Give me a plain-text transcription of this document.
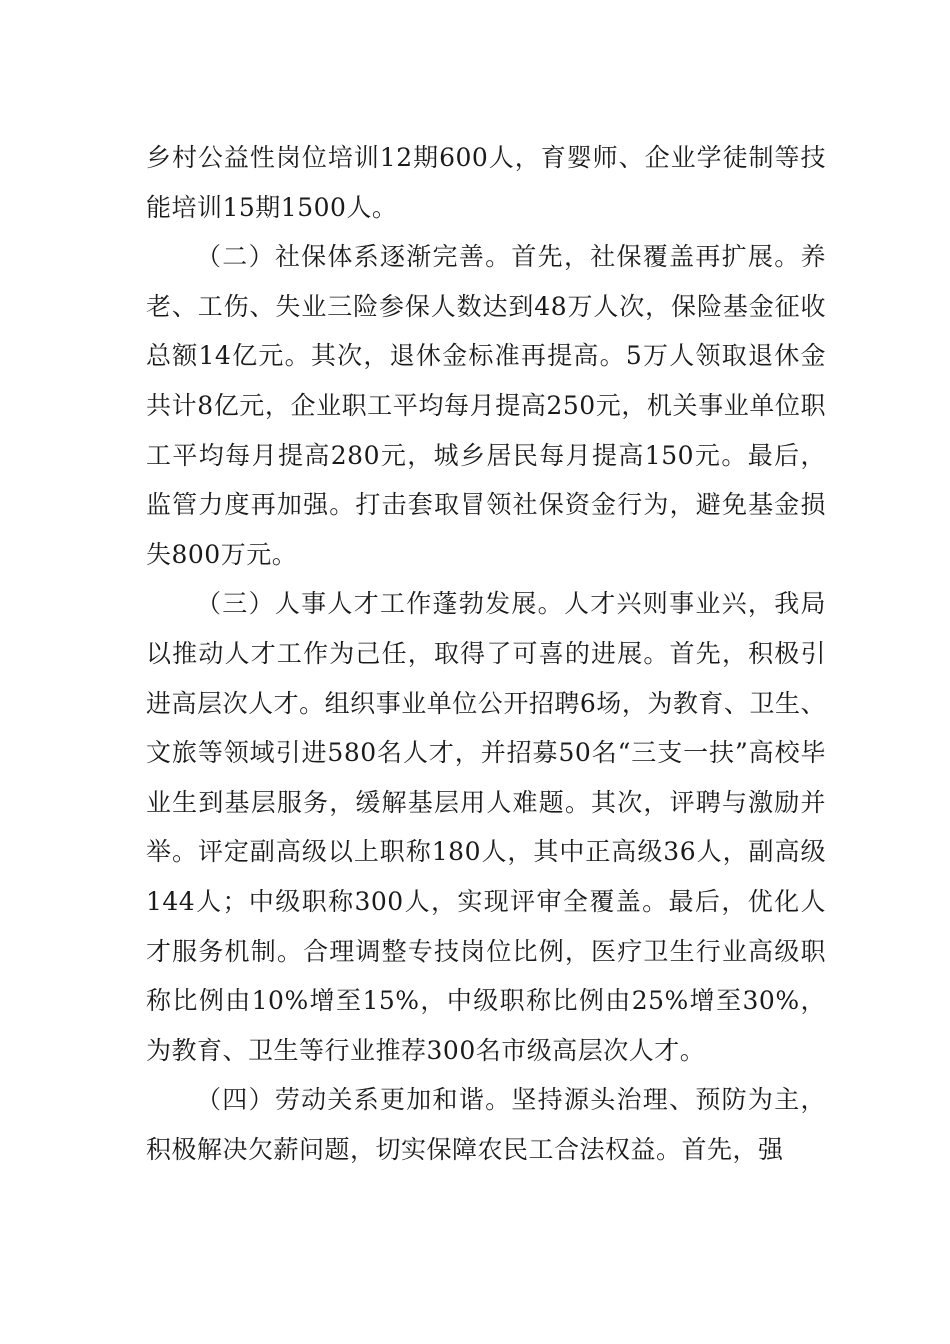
乡村公益性岗位培训12期600人，育婴师、企业学徒制等技能培训15期1500人。

（二）社保体系逐渐完善。首先，社保覆盖再扩展。养老、工伤、失业三险参保人数达到48万人次，保险基金征收总额14亿元。其次，退休金标准再提高。5万人领取退休金共计8亿元，企业职工平均每月提高250元，机关事业单位职工平均每月提高280元，城乡居民每月提高150元。最后，监管力度再加强。打击套取冒领社保资金行为，避免基金损失800万元。

（三）人事人才工作蓬勃发展。人才兴则事业兴，我局以推动人才工作为己任，取得了可喜的进展。首先，积极引进高层次人才。组织事业单位公开招聘6场，为教育、卫生、文旅等领域引进580名人才，并招募50名“三支一扶”高校毕业生到基层服务，缓解基层用人难题。其次，评聘与激励并举。评定副高级以上职称180人，其中正高级36人，副高级144人；中级职称300人，实现评审全覆盖。最后，优化人才服务机制。合理调整专技岗位比例，医疗卫生行业高级职称比例由10%增至15%，中级职称比例由25%增至30%，为教育、卫生等行业推荐300名市级高层次人才。

（四）劳动关系更加和谐。坚持源头治理、预防为主，积极解决欠薪问题，切实保障农民工合法权益。首先，强
